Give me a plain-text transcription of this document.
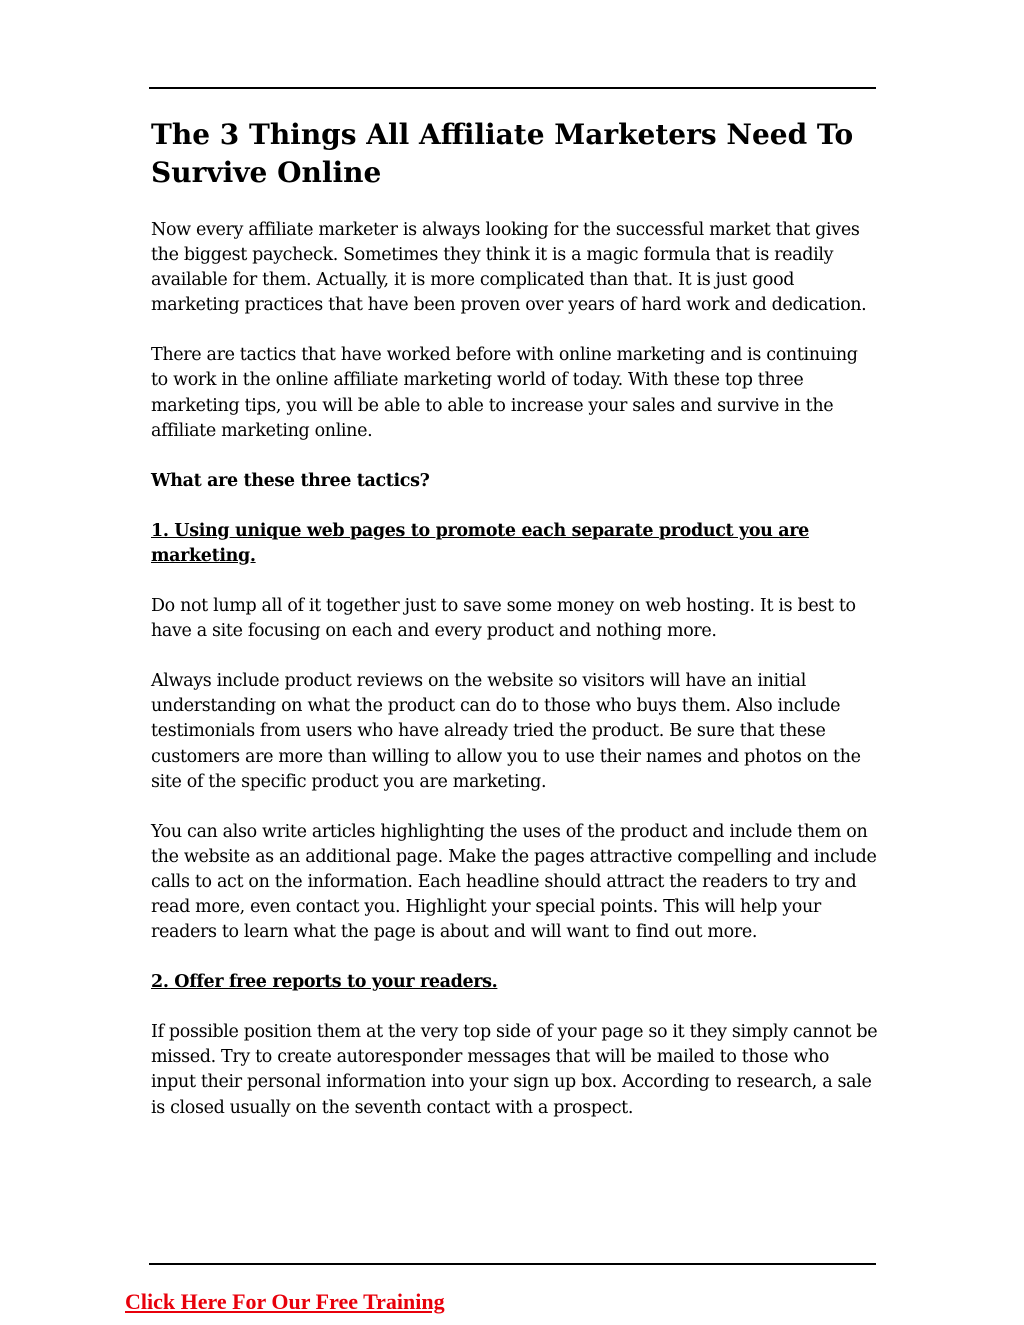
The 3 Things All Affiliate Marketers Need To Survive Online

Now every affiliate marketer is always looking for the successful market that gives the biggest paycheck. Sometimes they think it is a magic formula that is readily available for them. Actually, it is more complicated than that. It is just good marketing practices that have been proven over years of hard work and dedication.

There are tactics that have worked before with online marketing and is continuing to work in the online affiliate marketing world of today. With these top three marketing tips, you will be able to able to increase your sales and survive in the affiliate marketing online.

What are these three tactics?

1. Using unique web pages to promote each separate product you are marketing.

Do not lump all of it together just to save some money on web hosting. It is best to have a site focusing on each and every product and nothing more.

Always include product reviews on the website so visitors will have an initial understanding on what the product can do to those who buys them. Also include testimonials from users who have already tried the product. Be sure that these customers are more than willing to allow you to use their names and photos on the site of the specific product you are marketing.

You can also write articles highlighting the uses of the product and include them on the website as an additional page. Make the pages attractive compelling and include calls to act on the information. Each headline should attract the readers to try and read more, even contact you. Highlight your special points. This will help your readers to learn what the page is about and will want to find out more.

2. Offer free reports to your readers.

If possible position them at the very top side of your page so it they simply cannot be missed. Try to create autoresponder messages that will be mailed to those who input their personal information into your sign up box. According to research, a sale is closed usually on the seventh contact with a prospect.

Click Here For Our Free Training
